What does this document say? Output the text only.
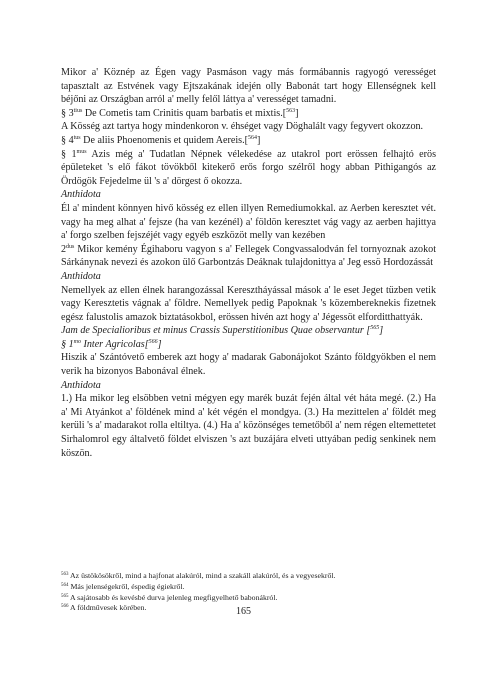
Mikor a' Köznép az Égen vagy Pasmáson vagy más formábannis ragyogó verességet tapasztalt az Estvének vagy Ejtszakának idején olly Babonát tart hogy Ellenségnek kell béjőni az Országban arról a' melly felől láttya a' verességet tamadni.

§ $3^{tius}$ De Cometis tam Crinitis quam barbatis et mixtis.[$^{563}$]

A Kösség azt tartya hogy mindenkoron v. éhséget vagy Döghalált vagy fegyvert okozzon.

§ $4^{tus}$ De aliis Phoenomenis et quidem Aereis.[$^{564}$]

§ $1^{mus}$ Azis még a' Tudatlan Népnek vélekedése az utakrol port erössen felhajtó erös épületeket 's elő fákot tövökből kitekerő erős forgo szélről hogy abban Pithigangós az Ördögök Fejedelme ül 's a' dörgest ő okozza.

Anthidota

Él a' mindent könnyen hivő kösség ez ellen illyen Remediumokkal. az Aerben keresztet vét. vagy ha meg alhat a' fejsze (ha van kezénél) a' földön keresztet vág vagy az aerben hajittya a' forgo szelben fejszéjét vagy egyéb eszközöt melly van kezében

$2^{dus}$ Mikor kemény Égihaboru vagyon s a' Fellegek Congvassalodván fel tornyoznak azokot Sárkánynak nevezi és azokon ülő Garbontzás Deáknak tulajdonittya a' Jeg essö Hordozássát

Anthidota

Nemellyek az ellen élnek harangozással Keresztháyással mások a' le eset Jeget tüzben vetik vagy Keresztetis vágnak a' földre. Nemellyek pedig Papoknak 's közembereknekis fizetnek egész falustolis amazok biztatásokbol, erössen hivén azt hogy a' Jégessöt elforditthattyák.

Jam de Specialioribus et minus Crassis Superstitionibus Quae observantur [$^{565}$]

§ $1^{mo}$ Inter Agricolas[$^{566}$]

Hiszik a' Szántóvető emberek azt hogy a' madarak Gabonájokot Szánto földgyökben el nem verik ha bizonyos Babonával élnek.

Anthidota

1.) Ha mikor leg elsöbben vetni mégyen egy marék buzát fején által vét háta megé. (2.) Ha a' Mi Atyánkot a' földének mind a' két végén el mondgya. (3.) Ha mezittelen a' földét meg kerüli 's a' madarakot rolla eltiltya. (4.) Ha a' közönséges temetőből a' nem régen eltemettetet Sirhalomrol egy általvető földet elviszen 's azt buzájára elveti uttyában pedig senkinek nem köszön.

$^{563}$ Az üstökösökről, mind a hajfonat alakúról, mind a szakáll alakúról, és a vegyesekről.

$^{564}$ Más jelenségekről, éspedig égiekről.

$^{565}$ A sajátosabb és kevésbé durva jelenleg megfigyelhető babonákról.

$^{566}$ A földművesek körében.	165
